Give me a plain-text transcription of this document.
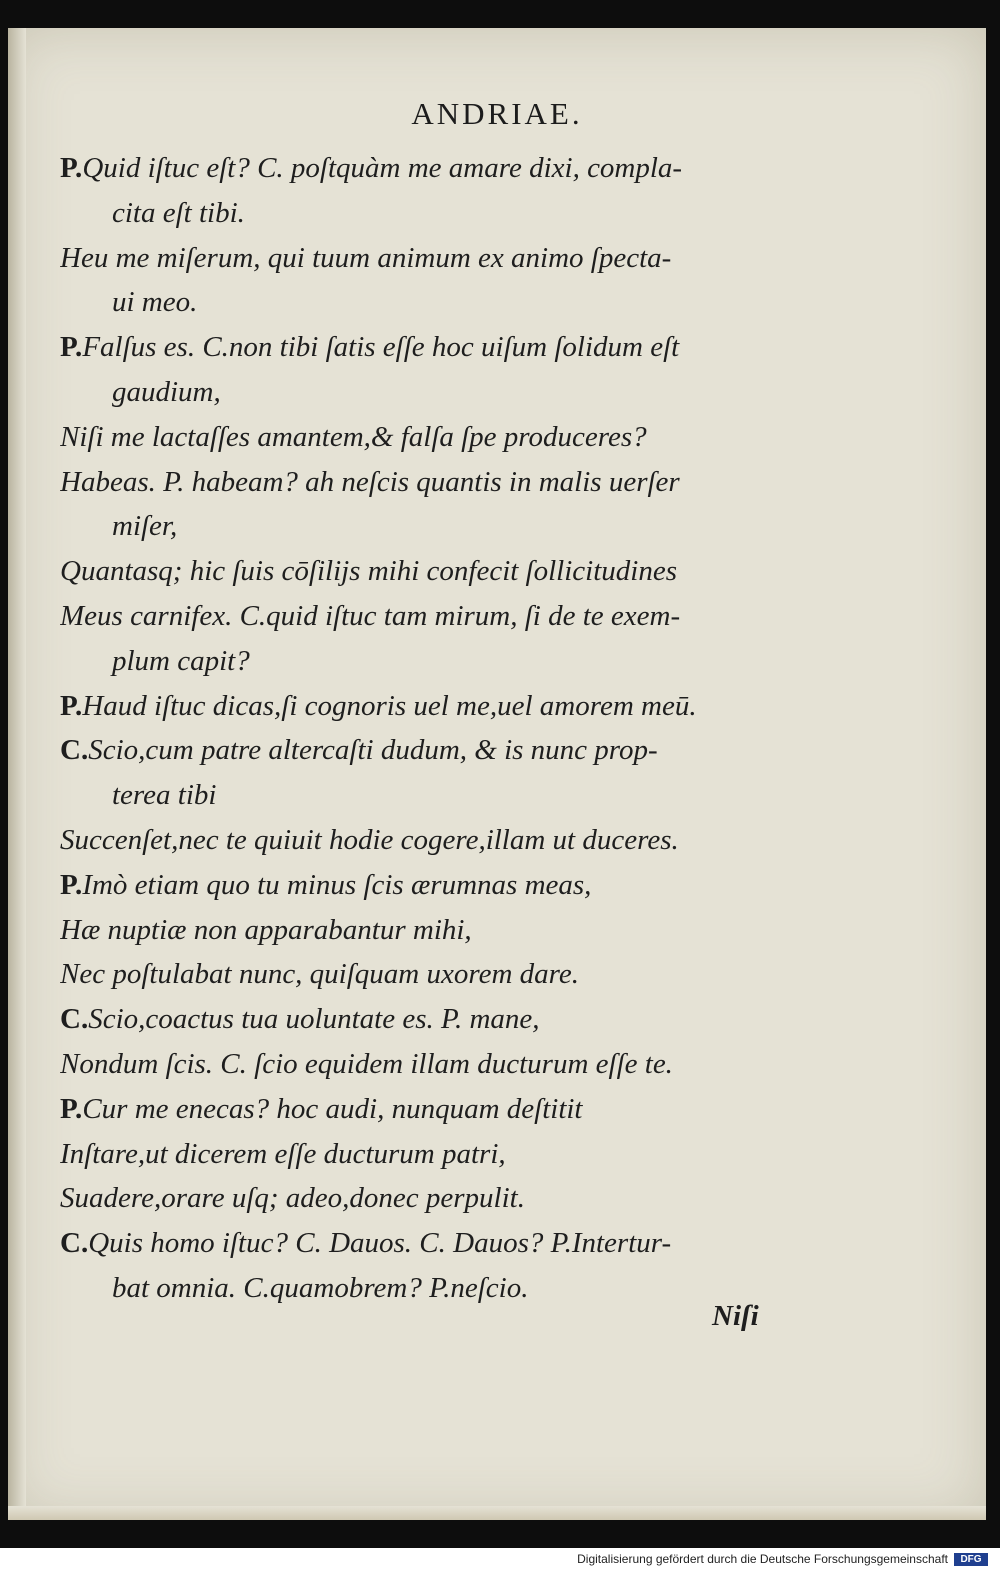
ANDRIAE.
P.Quid iſtuc eſt? C. poſtquàm me amare dixi, compla-
cita eſt tibi.
Heu me miſerum, qui tuum animum ex animo ſpecta-
ui meo.
P.Falſus es. C.non tibi ſatis eſſe hoc uiſum ſolidum eſt
gaudium,
Niſi me lactaſſes amantem,& falſa ſpe produceres?
Habeas. P. habeam? ah neſcis quantis in malis uerſer
miſer,
Quantasq; hic ſuis cōſilijs mihi confecit ſollicitudines
Meus carnifex. C.quid iſtuc tam mirum, ſi de te exem-
plum capit?
P.Haud iſtuc dicas,ſi cognoris uel me,uel amorem meū.
C.Scio,cum patre altercaſti dudum, & is nunc prop-
terea tibi
Succenſet,nec te quiuit hodie cogere,illam ut duceres.
P.Imò etiam quo tu minus ſcis ærumnas meas,
Hæ nuptiæ non apparabantur mihi,
Nec poſtulabat nunc, quiſquam uxorem dare.
C.Scio,coactus tua uoluntate es. P. mane,
Nondum ſcis. C. ſcio equidem illam ducturum eſſe te.
P.Cur me enecas? hoc audi, nunquam deſtitit
Inſtare,ut dicerem eſſe ducturum patri,
Suadere,orare uſq; adeo,donec perpulit.
C.Quis homo iſtuc? C. Dauos. C. Dauos? P.Intertur-
bat omnia. C.quamobrem? P.neſcio.
Niſi
Digitalisierung gefördert durch die Deutsche Forschungsgemeinschaft	DFG
